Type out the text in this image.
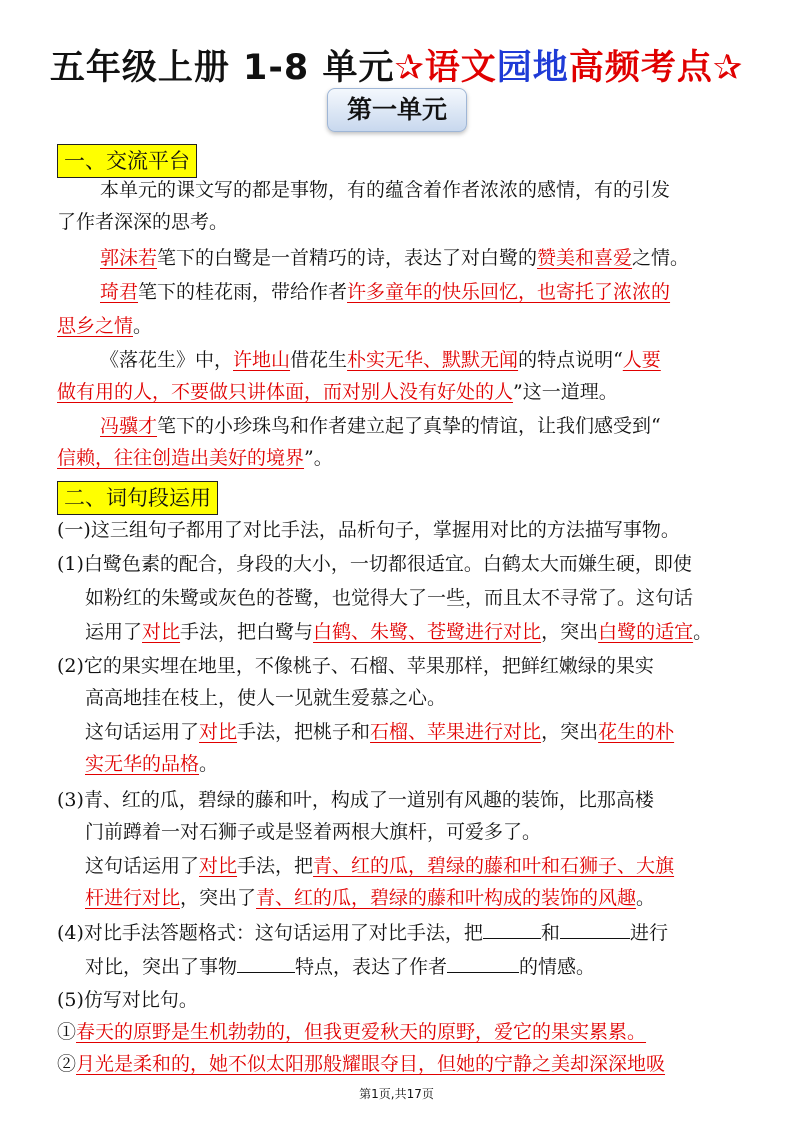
五年级上册 1-8 单元✰语文园地高频考点✰
第一单元
一、交流平台
本单元的课文写的都是事物，有的蕴含着作者浓浓的感情，有的引发
了作者深深的思考。
郭沫若笔下的白鹭是一首精巧的诗，表达了对白鹭的赞美和喜爱之情。
琦君笔下的桂花雨，带给作者许多童年的快乐回忆，也寄托了浓浓的
思乡之情。
《落花生》中，许地山借花生朴实无华、默默无闻的特点说明“人要
做有用的人，不要做只讲体面，而对别人没有好处的人”这一道理。
冯骥才笔下的小珍珠鸟和作者建立起了真挚的情谊，让我们感受到“
信赖，往往创造出美好的境界”。
二、词句段运用
(一)这三组句子都用了对比手法，品析句子，掌握用对比的方法描写事物。
(1)白鹭色素的配合，身段的大小，一切都很适宜。白鹤太大而嫌生硬，即使
如粉红的朱鹭或灰色的苍鹭，也觉得大了一些，而且太不寻常了。这句话
运用了对比手法，把白鹭与白鹤、朱鹭、苍鹭进行对比，突出白鹭的适宜。
(2)它的果实埋在地里，不像桃子、石榴、苹果那样，把鲜红嫩绿的果实
高高地挂在枝上，使人一见就生爱慕之心。
这句话运用了对比手法，把桃子和石榴、苹果进行对比，突出花生的朴
实无华的品格。
(3)青、红的瓜，碧绿的藤和叶，构成了一道别有风趣的装饰，比那高楼
门前蹲着一对石狮子或是竖着两根大旗杆，可爱多了。
这句话运用了对比手法，把青、红的瓜，碧绿的藤和叶和石狮子、大旗
杆进行对比，突出了青、红的瓜，碧绿的藤和叶构成的装饰的风趣。
(4)对比手法答题格式：这句话运用了对比手法，把	和	进行
对比，突出了事物	特点，表达了作者	的情感。
(5)仿写对比句。
①春天的原野是生机勃勃的，但我更爱秋天的原野，爱它的果实累累。
②月光是柔和的，她不似太阳那般耀眼夺目，但她的宁静之美却深深地吸
第1页,共17页
